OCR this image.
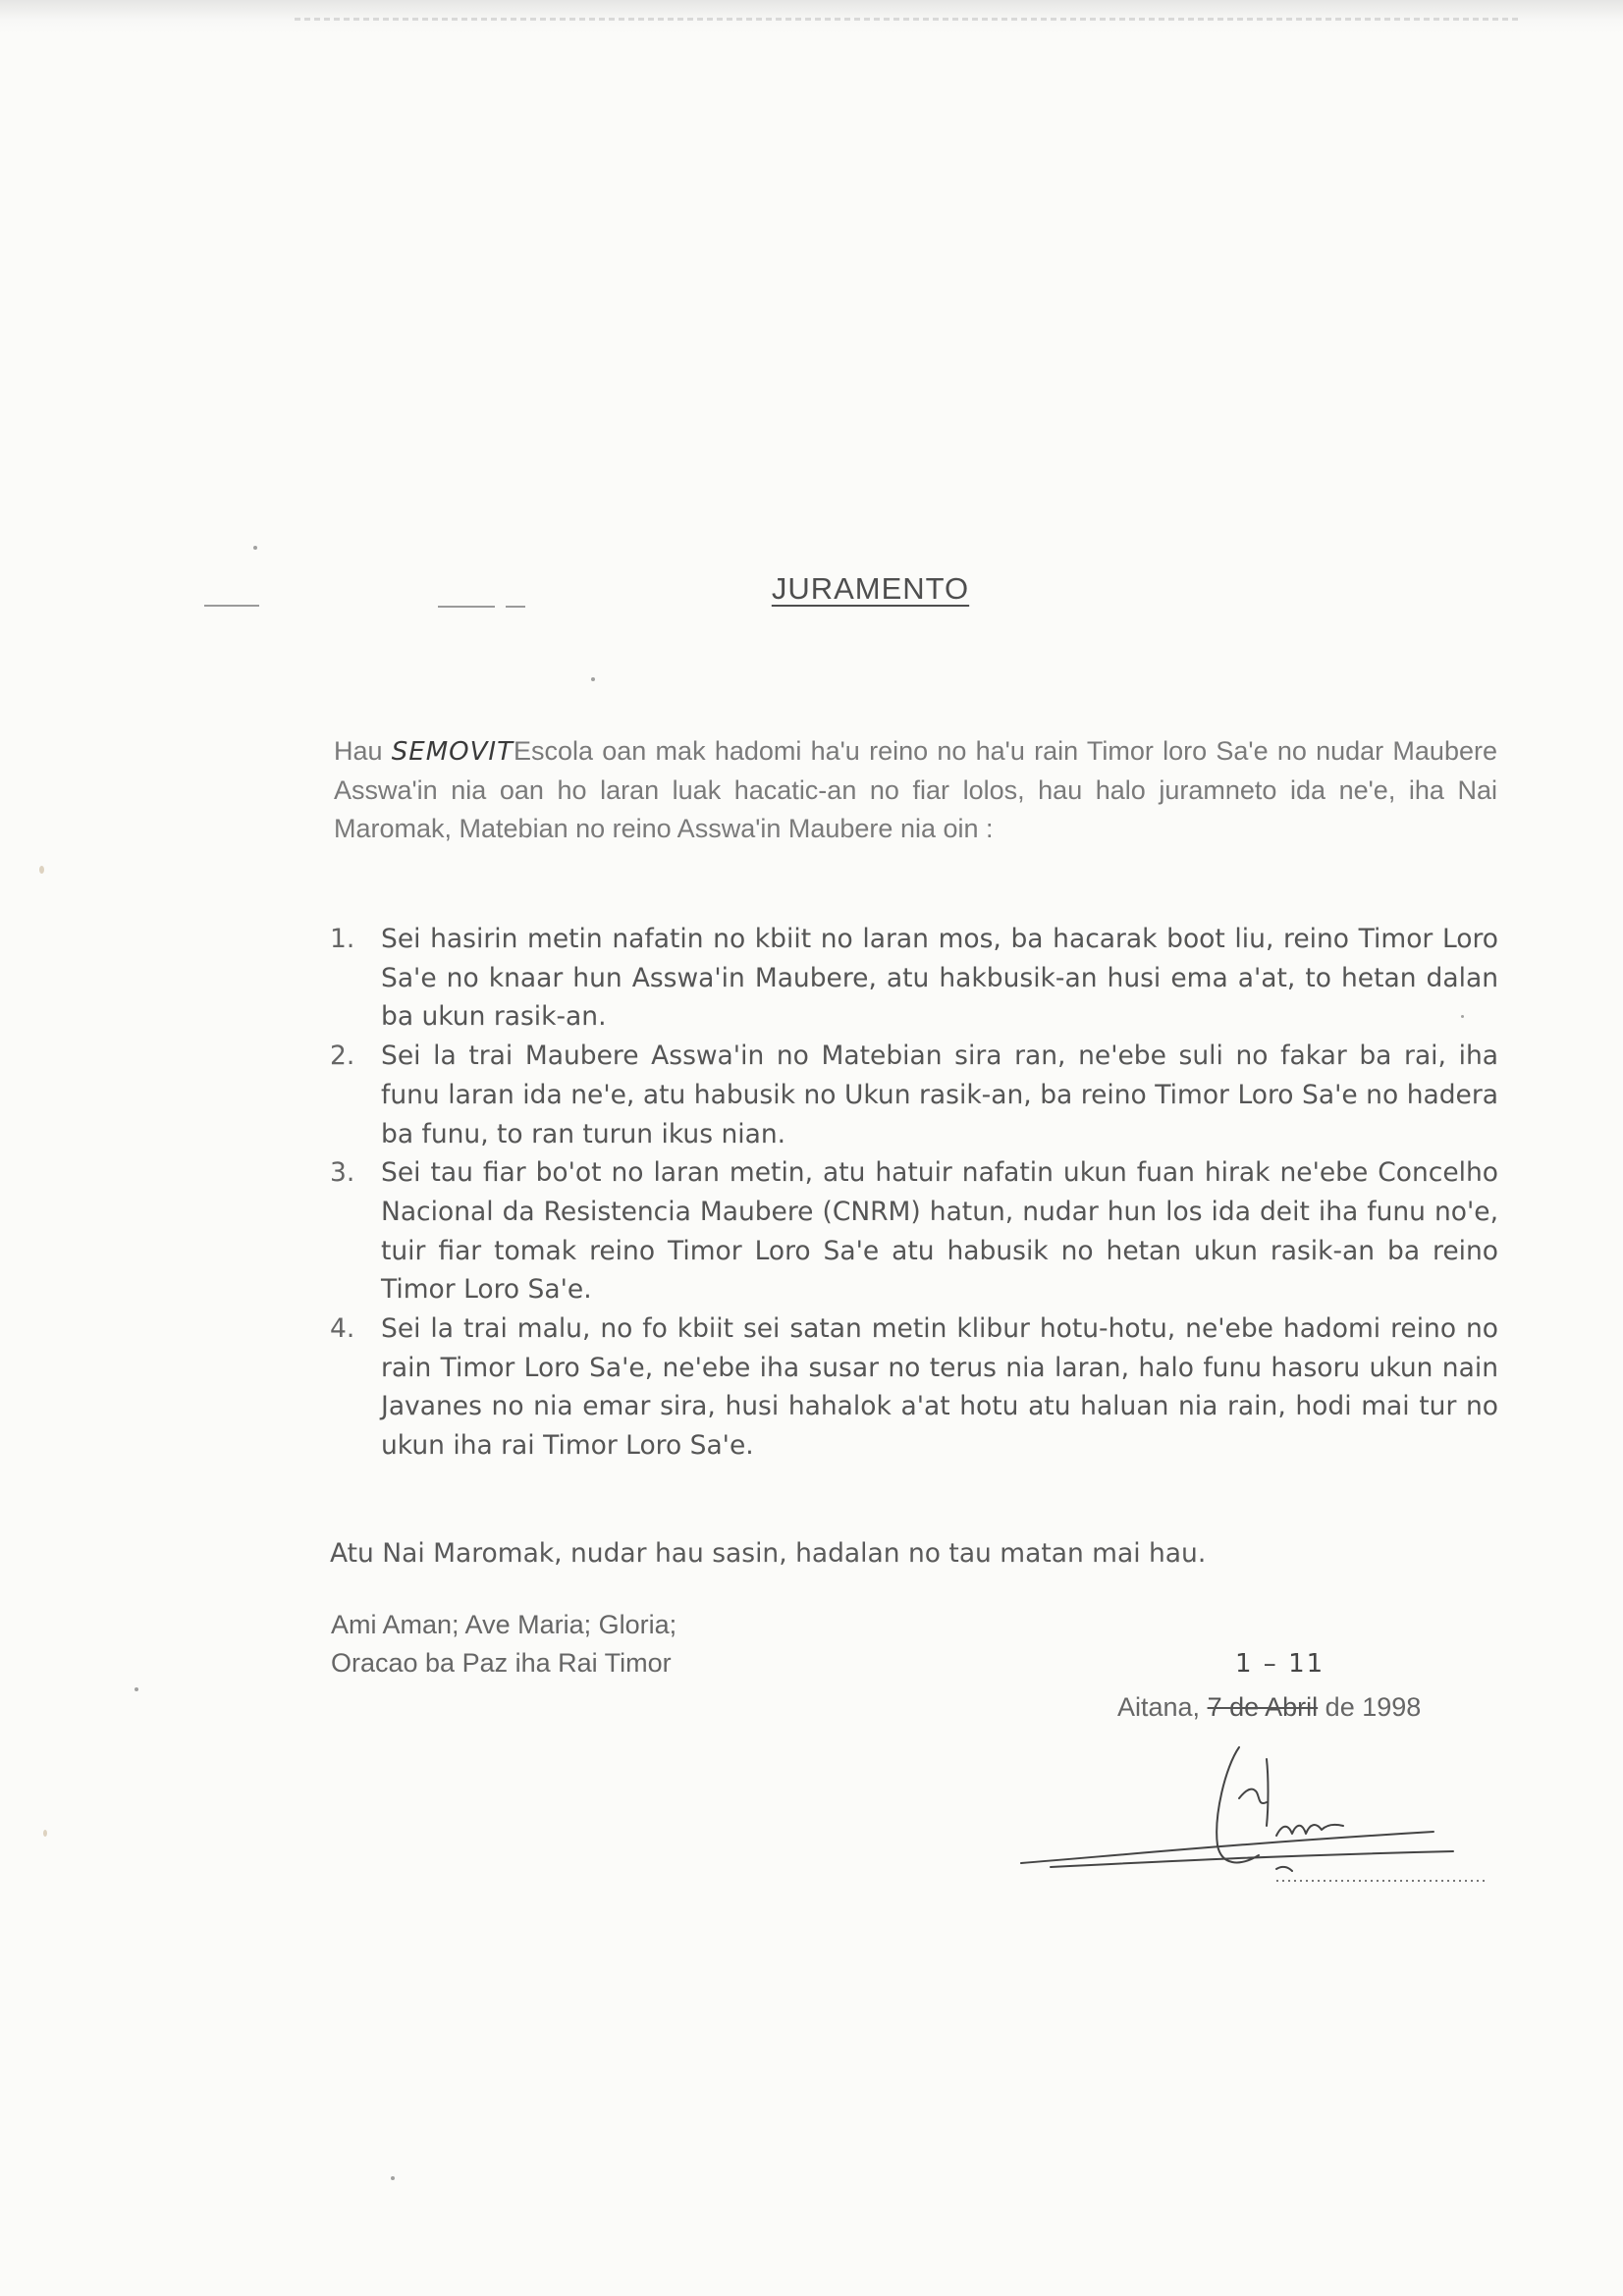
JURAMENTO
Hau SEMOVITEscola oan mak hadomi ha'u reino no ha'u rain Timor loro Sa'e no nudar Maubere Asswa'in nia oan ho laran luak hacatic-an no fiar lolos, hau halo juramneto ida ne'e, iha Nai Maromak, Matebian no reino Asswa'in Maubere nia oin :
1.	Sei hasirin metin nafatin no kbiit no laran mos, ba hacarak boot liu, reino Timor Loro Sa'e no knaar hun Asswa'in Maubere, atu hakbusik-an husi ema a'at, to hetan dalan ba ukun rasik-an.
2.	Sei la trai Maubere Asswa'in no Matebian sira ran, ne'ebe suli no fakar ba rai, iha funu laran ida ne'e, atu habusik no Ukun rasik-an, ba reino Timor Loro Sa'e no hadera ba funu, to ran turun ikus nian.
3.	Sei tau fiar bo'ot no laran metin, atu hatuir nafatin ukun fuan hirak ne'ebe Concelho Nacional da Resistencia Maubere (CNRM) hatun, nudar hun los ida deit iha funu no'e, tuir fiar tomak reino Timor Loro Sa'e atu habusik no hetan ukun rasik-an ba reino Timor Loro Sa'e.
4.	Sei la trai malu, no fo kbiit sei satan metin klibur hotu-hotu, ne'ebe hadomi reino no rain Timor Loro Sa'e, ne'ebe iha susar no terus nia laran, halo funu hasoru ukun nain Javanes no nia emar sira, husi hahalok a'at hotu atu haluan nia rain, hodi mai tur no ukun iha rai Timor Loro Sa'e.
Atu Nai Maromak, nudar hau sasin, hadalan no tau matan mai hau.
Ami Aman; Ave Maria; Gloria;
Oracao ba Paz iha Rai Timor	1 – 11
Aitana, 7 de Abril de 1998
